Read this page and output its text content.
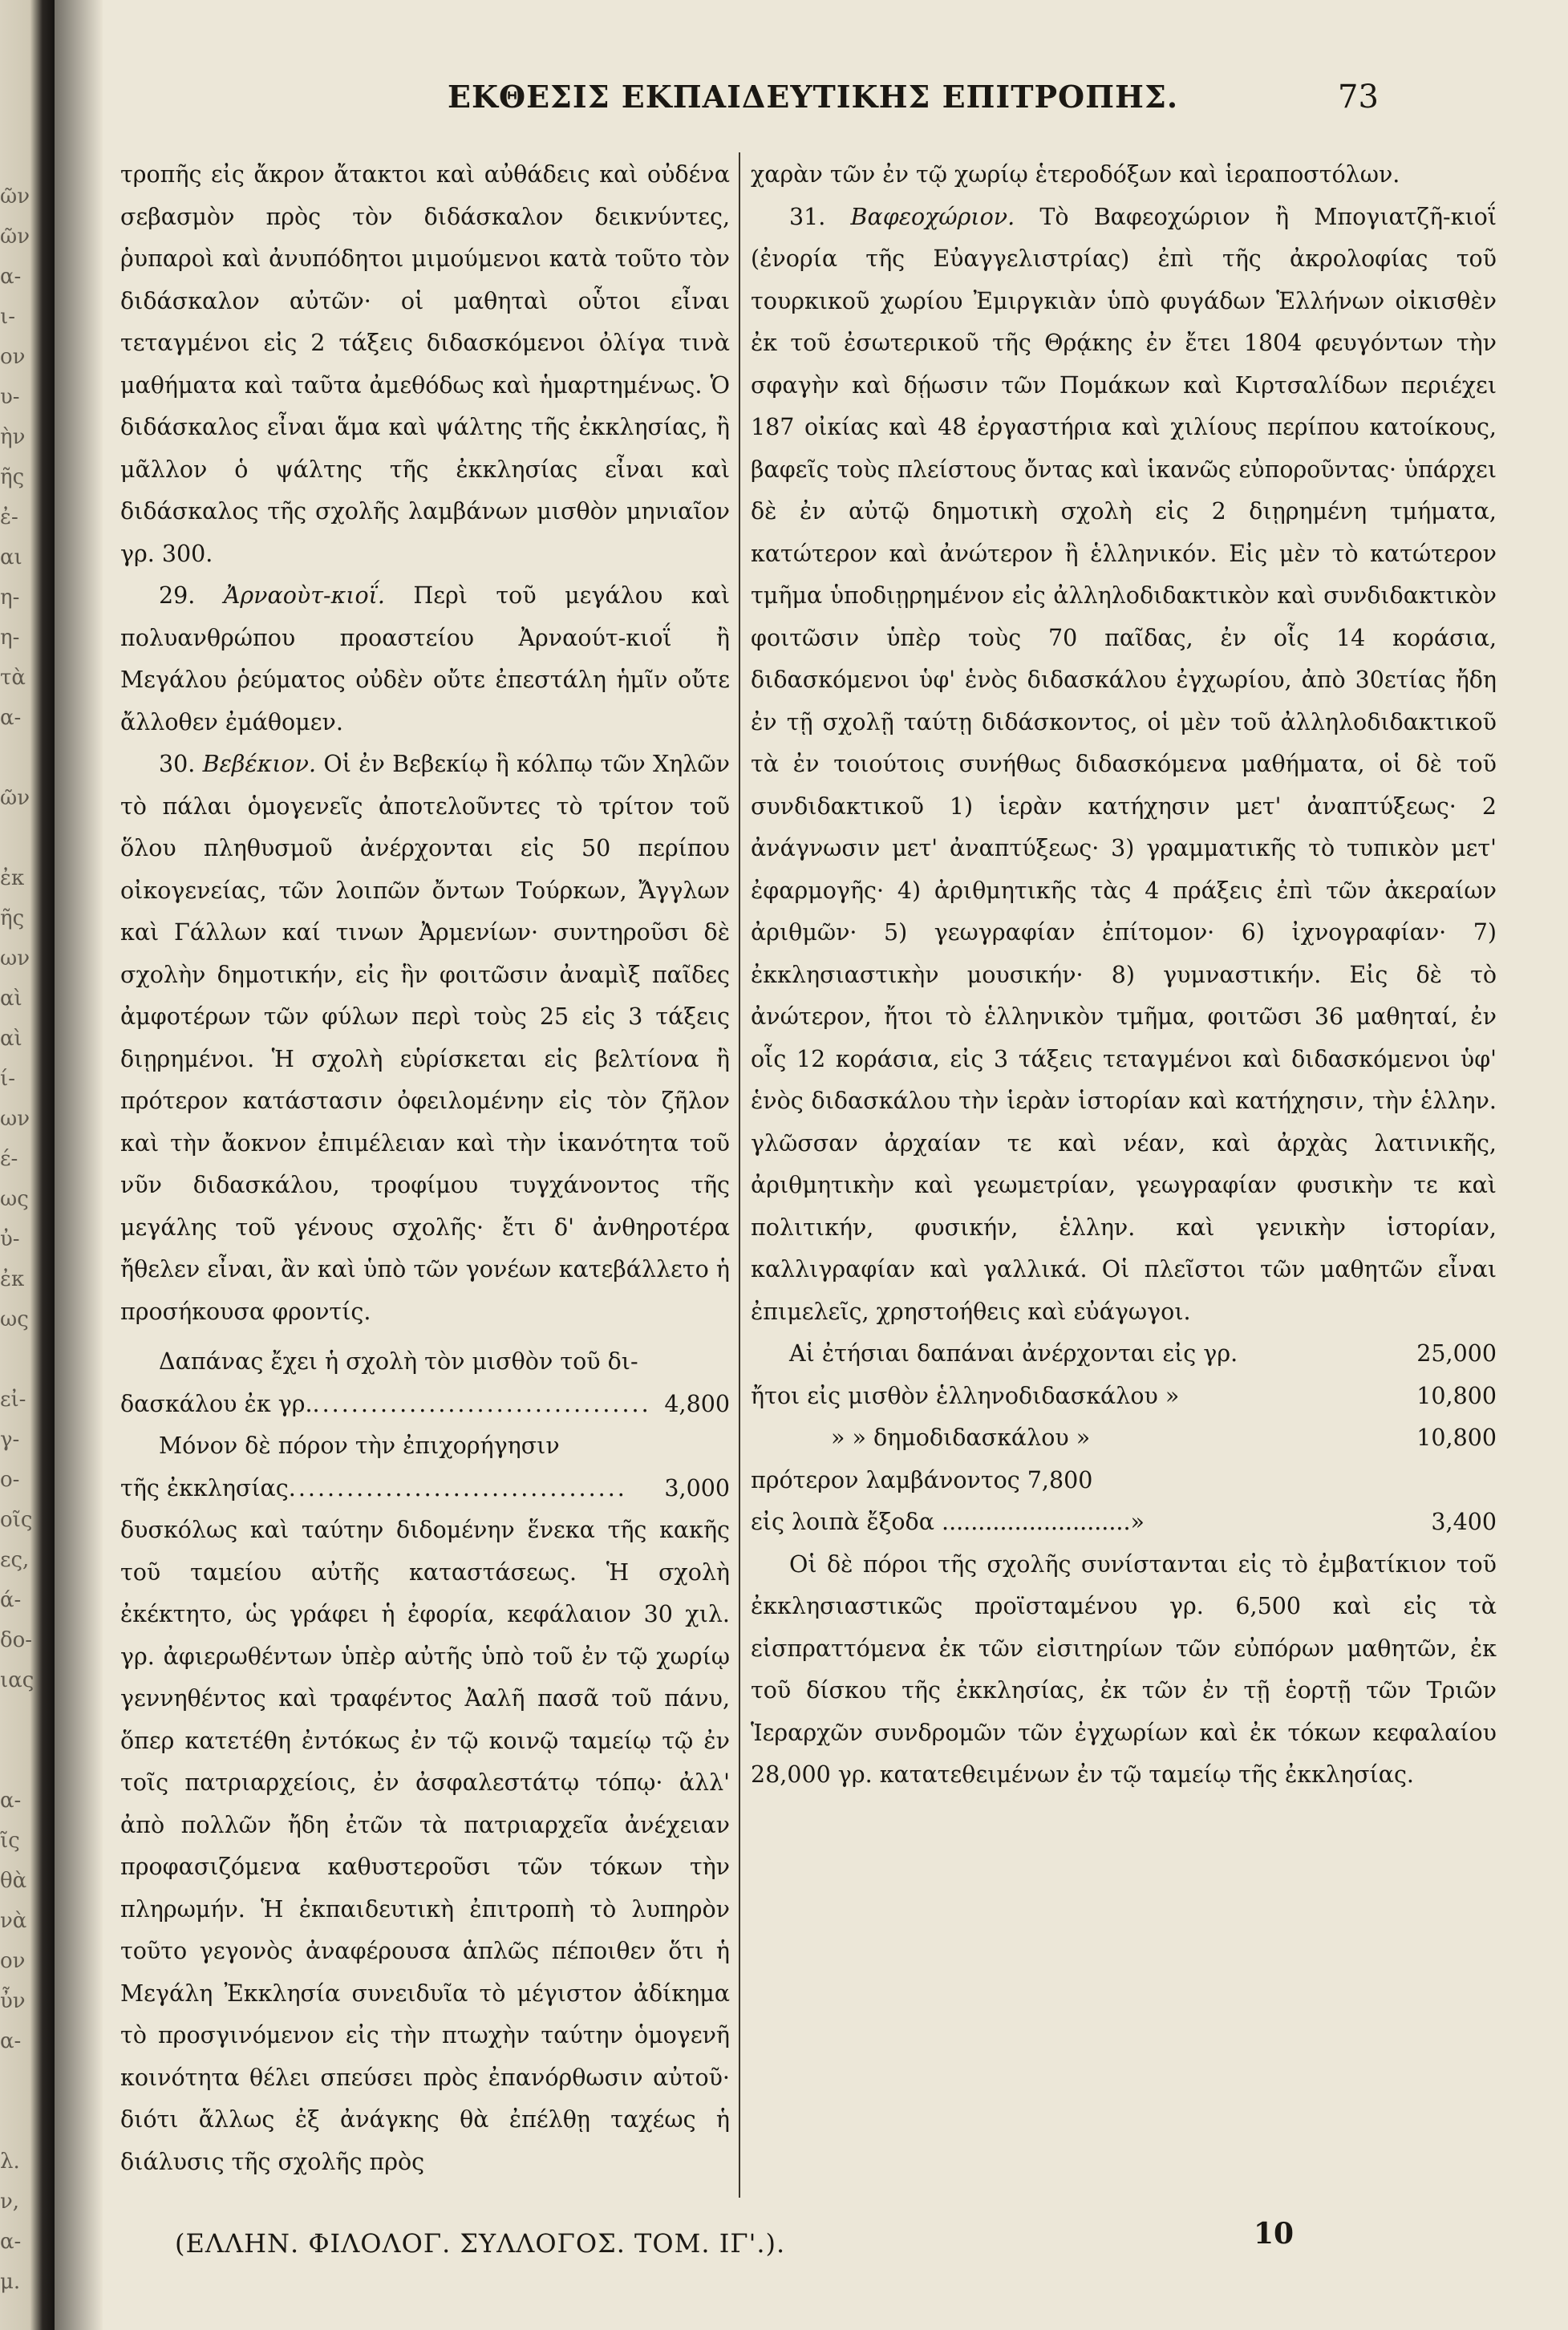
ῶν
ῶν
α-
ι-
ον
υ-
ὴν
ῆς
ἐ-
αι
η-
η-
τὰ
α-

ῶν

ἐκ
ῆς
ων
αὶ
αὶ
ί-
ων
έ-
ως
ὐ-
ἐκ
ως

εἰ-
γ-
ο-
οῖς
ες,
ά-
δο-
ιας

α-
ῖς
θὰ
νὰ
ον
ὖν
α-

λ.
ν,
α-
μ.
ΕΚΘΕΣΙΣ ΕΚΠΑΙΔΕΥΤΙΚΗΣ ΕΠΙΤΡΟΠΗΣ.	73

τροπῆς εἰς ἄκρον ἄτακτοι καὶ αὐθάδεις καὶ οὐδένα σεβασμὸν πρὸς τὸν διδάσκαλον δεικνύντες, ῥυπαροὶ καὶ ἀνυπόδητοι μιμούμενοι κατὰ τοῦτο τὸν διδάσκαλον αὐτῶν· οἱ μαθηταὶ οὗτοι εἶναι τεταγμένοι εἰς 2 τάξεις διδασκόμενοι ὀλίγα τινὰ μαθήματα καὶ ταῦτα ἀμεθόδως καὶ ἡμαρτημένως. Ὁ διδάσκαλος εἶναι ἅμα καὶ ψάλτης τῆς ἐκκλησίας, ἢ μᾶλλον ὁ ψάλτης τῆς ἐκκλησίας εἶναι καὶ διδάσκαλος τῆς σχολῆς λαμβάνων μισθὸν μηνιαῖον γρ. 300.

29. Ἀρναοὺτ-κιοΐ. Περὶ τοῦ μεγάλου καὶ πολυανθρώπου προαστείου Ἀρναούτ-κιοΐ ἢ Μεγάλου ῥεύματος οὐδὲν οὔτε ἐπεστάλη ἡμῖν οὔτε ἄλλοθεν ἐμάθομεν.

30. Βεβέκιον. Οἱ ἐν Βεβεκίῳ ἢ κόλπῳ τῶν Χηλῶν τὸ πάλαι ὁμογενεῖς ἀποτελοῦντες τὸ τρίτον τοῦ ὅλου πληθυσμοῦ ἀνέρχονται εἰς 50 περίπου οἰκογενείας, τῶν λοιπῶν ὄντων Τούρκων, Ἄγγλων καὶ Γάλλων καί τινων Ἀρμενίων· συντηροῦσι δὲ σχολὴν δημοτικήν, εἰς ἣν φοιτῶσιν ἀναμὶξ παῖδες ἀμφοτέρων τῶν φύλων περὶ τοὺς 25 εἰς 3 τάξεις διῃρημένοι. Ἡ σχολὴ εὑρίσκεται εἰς βελτίονα ἢ πρότερον κατάστασιν ὀφειλομένην εἰς τὸν ζῆλον καὶ τὴν ἄοκνον ἐπιμέλειαν καὶ τὴν ἱκανότητα τοῦ νῦν διδασκάλου, τροφίμου τυγχάνοντος τῆς μεγάλης τοῦ γένους σχολῆς· ἔτι δ' ἀνθηροτέρα ἤθελεν εἶναι, ἂν καὶ ὑπὸ τῶν γονέων κατεβάλλετο ἡ προσήκουσα φροντίς.

Δαπάνας ἔχει ἡ σχολὴ τὸν μισθὸν τοῦ δι-

δασκάλου ἐκ γρ. ................................... 4,800

Μόνον δὲ πόρον τὴν ἐπιχορήγησιν

τῆς ἐκκλησίας ...................................	3,000

δυσκόλως καὶ ταύτην διδομένην ἕνεκα τῆς κακῆς τοῦ ταμείου αὐτῆς καταστάσεως. Ἡ σχολὴ ἐκέκτητο, ὡς γράφει ἡ ἐφορία, κεφάλαιον 30 χιλ. γρ. ἀφιερωθέντων ὑπὲρ αὐτῆς ὑπὸ τοῦ ἐν τῷ χωρίῳ γεννηθέντος καὶ τραφέντος Ἀαλῆ πασᾶ τοῦ πάνυ, ὅπερ κατετέθη ἐντόκως ἐν τῷ κοινῷ ταμείῳ τῷ ἐν τοῖς πατριαρχείοις, ἐν ἀσφαλεστάτῳ τόπῳ· ἀλλ' ἀπὸ πολλῶν ἤδη ἐτῶν τὰ πατριαρχεῖα ἀνέχειαν προφασιζόμενα καθυστεροῦσι τῶν τόκων τὴν πληρωμήν. Ἡ ἐκπαιδευτικὴ ἐπιτροπὴ τὸ λυπηρὸν τοῦτο γεγονὸς ἀναφέρουσα ἁπλῶς πέποιθεν ὅτι ἡ Μεγάλη Ἐκκλησία συνειδυῖα τὸ μέγιστον ἀδίκημα τὸ προσγινόμενον εἰς τὴν πτωχὴν ταύτην ὁμογενῆ κοινότητα θέλει σπεύσει πρὸς ἐπανόρθωσιν αὐτοῦ· διότι ἄλλως ἐξ ἀνάγκης θὰ ἐπέλθῃ ταχέως ἡ διάλυσις τῆς σχολῆς πρὸς

χαρὰν τῶν ἐν τῷ χωρίῳ ἑτεροδόξων καὶ ἱεραποστόλων.

31. Βαφεοχώριον. Τὸ Βαφεοχώριον ἢ Μπογιατζῆ-κιοΐ (ἐνορία τῆς Εὐαγγελιστρίας) ἐπὶ τῆς ἀκρολοφίας τοῦ τουρκικοῦ χωρίου Ἐμιργκιὰν ὑπὸ φυγάδων Ἑλλήνων οἰκισθὲν ἐκ τοῦ ἐσωτερικοῦ τῆς Θρᾴκης ἐν ἔτει 1804 φευγόντων τὴν σφαγὴν καὶ δῄωσιν τῶν Πομάκων καὶ Κιρτσαλίδων περιέχει 187 οἰκίας καὶ 48 ἐργαστήρια καὶ χιλίους περίπου κατοίκους, βαφεῖς τοὺς πλείστους ὄντας καὶ ἱκανῶς εὐποροῦντας· ὑπάρχει δὲ ἐν αὐτῷ δημοτικὴ σχολὴ εἰς 2 διῃρημένη τμήματα, κατώτερον καὶ ἀνώτερον ἢ ἑλληνικόν. Εἰς μὲν τὸ κατώτερον τμῆμα ὑποδιῃρημένον εἰς ἀλληλοδιδακτικὸν καὶ συνδιδακτικὸν φοιτῶσιν ὑπὲρ τοὺς 70 παῖδας, ἐν οἷς 14 κοράσια, διδασκόμενοι ὑφ' ἑνὸς διδασκάλου ἐγχωρίου, ἀπὸ 30ετίας ἤδη ἐν τῇ σχολῇ ταύτῃ διδάσκοντος, οἱ μὲν τοῦ ἀλληλοδιδακτικοῦ τὰ ἐν τοιούτοις συνήθως διδασκόμενα μαθήματα, οἱ δὲ τοῦ συνδιδακτικοῦ 1) ἱερὰν κατήχησιν μετ' ἀναπτύξεως· 2 ἀνάγνωσιν μετ' ἀναπτύξεως· 3) γραμματικῆς τὸ τυπικὸν μετ' ἐφαρμογῆς· 4) ἀριθμητικῆς τὰς 4 πράξεις ἐπὶ τῶν ἀκεραίων ἀριθμῶν· 5) γεωγραφίαν ἐπίτομον· 6) ἰχνογραφίαν· 7) ἐκκλησιαστικὴν μουσικήν· 8) γυμναστικήν. Εἰς δὲ τὸ ἀνώτερον, ἤτοι τὸ ἑλληνικὸν τμῆμα, φοιτῶσι 36 μαθηταί, ἐν οἷς 12 κοράσια, εἰς 3 τάξεις τεταγμένοι καὶ διδασκόμενοι ὑφ' ἑνὸς διδασκάλου τὴν ἱερὰν ἱστορίαν καὶ κατήχησιν, τὴν ἑλλην. γλῶσσαν ἀρχαίαν τε καὶ νέαν, καὶ ἀρχὰς λατινικῆς, ἀριθμητικὴν καὶ γεωμετρίαν, γεωγραφίαν φυσικὴν τε καὶ πολιτικήν, φυσικήν, ἑλλην. καὶ γενικὴν ἱστορίαν, καλλιγραφίαν καὶ γαλλικά. Οἱ πλεῖστοι τῶν μαθητῶν εἶναι ἐπιμελεῖς, χρηστοήθεις καὶ εὐάγωγοι.

Αἱ ἐτήσιαι δαπάναι ἀνέρχονται εἰς γρ.	25,000
ἤτοι εἰς μισθὸν ἑλληνοδιδασκάλου »	10,800
» » δημοδιδασκάλου »	10,800
πρότερον λαμβάνοντος 7,800
εἰς λοιπὰ ἔξοδα ..........................»	3,400

Οἱ δὲ πόροι τῆς σχολῆς συνίστανται εἰς τὸ ἐμβατίκιον τοῦ ἐκκλησιαστικῶς προϊσταμένου γρ. 6,500 καὶ εἰς τὰ εἰσπραττόμενα ἐκ τῶν εἰσιτηρίων τῶν εὐπόρων μαθητῶν, ἐκ τοῦ δίσκου τῆς ἐκκλησίας, ἐκ τῶν ἐν τῇ ἑορτῇ τῶν Τριῶν Ἱεραρχῶν συνδρομῶν τῶν ἐγχωρίων καὶ ἐκ τόκων κεφαλαίου 28,000 γρ. κατατεθειμένων ἐν τῷ ταμείῳ τῆς ἐκκλησίας.

(ΕΛΛΗΝ. ΦΙΛΟΛΟΓ. ΣΥΛΛΟΓΟΣ. ΤΟΜ. ΙΓ'.).	10
